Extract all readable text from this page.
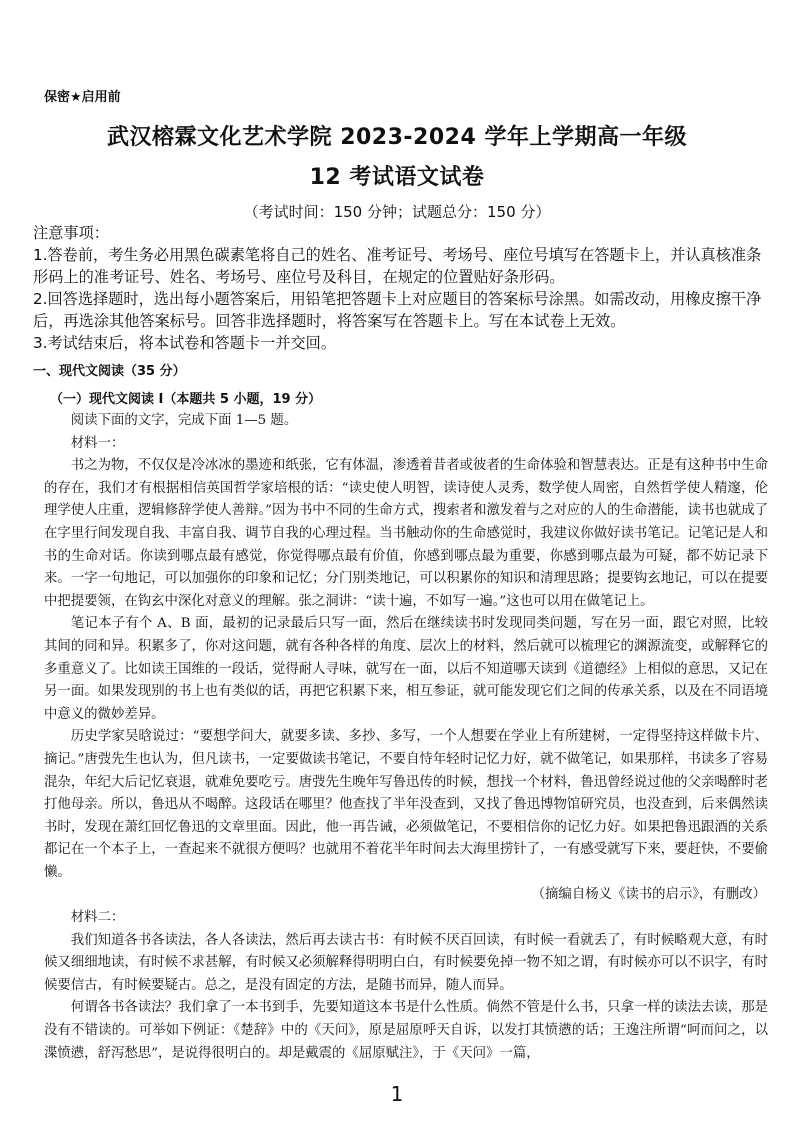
保密★启用前
武汉榕霖文化艺术学院 2023-2024 学年上学期高一年级
12 考试语文试卷
（考试时间：150 分钟；试题总分：150 分）

注意事项：

1.答卷前，考生务必用黑色碳素笔将自己的姓名、准考证号、考场号、座位号填写在答题卡上，并认真核准条形码上的准考证号、姓名、考场号、座位号及科目，在规定的位置贴好条形码。

2.回答选择题时，选出每小题答案后，用铅笔把答题卡上对应题目的答案标号涂黑。如需改动，用橡皮擦干净后，再选涂其他答案标号。回答非选择题时，将答案写在答题卡上。写在本试卷上无效。

3.考试结束后，将本试卷和答题卡一并交回。

一、现代文阅读（35 分）
（一）现代文阅读 I（本题共 5 小题，19 分）

阅读下面的文字，完成下面 1—5 题。

材料一：

书之为物，不仅仅是冷冰冰的墨迹和纸张，它有体温，渗透着昔者或彼者的生命体验和智慧表达。正是有这种书中生命的存在，我们才有根据相信英国哲学家培根的话：“读史使人明智，读诗使人灵秀，数学使人周密，自然哲学使人精邃，伦理学使人庄重，逻辑修辞学使人善辩。”因为书中不同的生命方式，搜索者和激发着与之对应的人的生命潜能，读书也就成了在字里行间发现自我、丰富自我、调节自我的心理过程。当书触动你的生命感觉时，我建议你做好读书笔记。记笔记是人和书的生命对话。你读到哪点最有感觉，你觉得哪点最有价值，你感到哪点最为重要，你感到哪点最为可疑，都不妨记录下来。一字一句地记，可以加强你的印象和记忆；分门别类地记，可以积累你的知识和清理思路；提要钩玄地记，可以在提要中把提要领，在钩玄中深化对意义的理解。张之洞讲：“读十遍，不如写一遍。”这也可以用在做笔记上。

笔记本子有个 A、B 面，最初的记录最后只写一面，然后在继续读书时发现同类问题，写在另一面，跟它对照，比较其间的同和异。积累多了，你对这问题，就有各种各样的角度、层次上的材料，然后就可以梳理它的渊源流变，或解释它的多重意义了。比如读王国维的一段话，觉得耐人寻味，就写在一面，以后不知道哪天读到《道德经》上相似的意思，又记在另一面。如果发现别的书上也有类似的话，再把它积累下来，相互参证，就可能发现它们之间的传承关系，以及在不同语境中意义的微妙差异。

历史学家吴晗说过：“要想学问大，就要多读、多抄、多写，一个人想要在学业上有所建树，一定得坚持这样做卡片、摘记。”唐弢先生也认为，但凡读书，一定要做读书笔记，不要自恃年轻时记忆力好，就不做笔记，如果那样，书读多了容易混杂，年纪大后记忆衰退，就难免要吃亏。唐弢先生晚年写鲁迅传的时候，想找一个材料，鲁迅曾经说过他的父亲喝醉时老打他母亲。所以，鲁迅从不喝醉。这段话在哪里？他查找了半年没查到，又找了鲁迅博物馆研究员，也没查到，后来偶然读书时，发现在萧红回忆鲁迅的文章里面。因此，他一再告诫，必须做笔记，不要相信你的记忆力好。如果把鲁迅跟酒的关系都记在一个本子上，一查起来不就很方便吗？也就用不着花半年时间去大海里捞针了，一有感受就写下来，要赶快，不要偷懒。

（摘编自杨义《读书的启示》，有删改）

材料二：

我们知道各书各读法，各人各读法，然后再去读古书：有时候不厌百回读，有时候一看就丢了，有时候略观大意，有时候又细细地读，有时候不求甚解，有时候又必须解释得明明白白，有时候要免掉一物不知之谓，有时候亦可以不识字，有时候要信古，有时候要疑古。总之，是没有固定的方法，是随书而异，随人而异。

何谓各书各读法？我们拿了一本书到手，先要知道这本书是什么性质。倘然不管是什么书，只拿一样的读法去读，那是没有不错读的。可举如下例证：《楚辞》中的《天问》，原是屈原呼天自诉，以发打其愤懑的话；王逸注所谓“呵而问之，以渫愤懑，舒泻愁思”，是说得很明白的。却是戴震的《屈原赋注》，于《天问》一篇，

1
